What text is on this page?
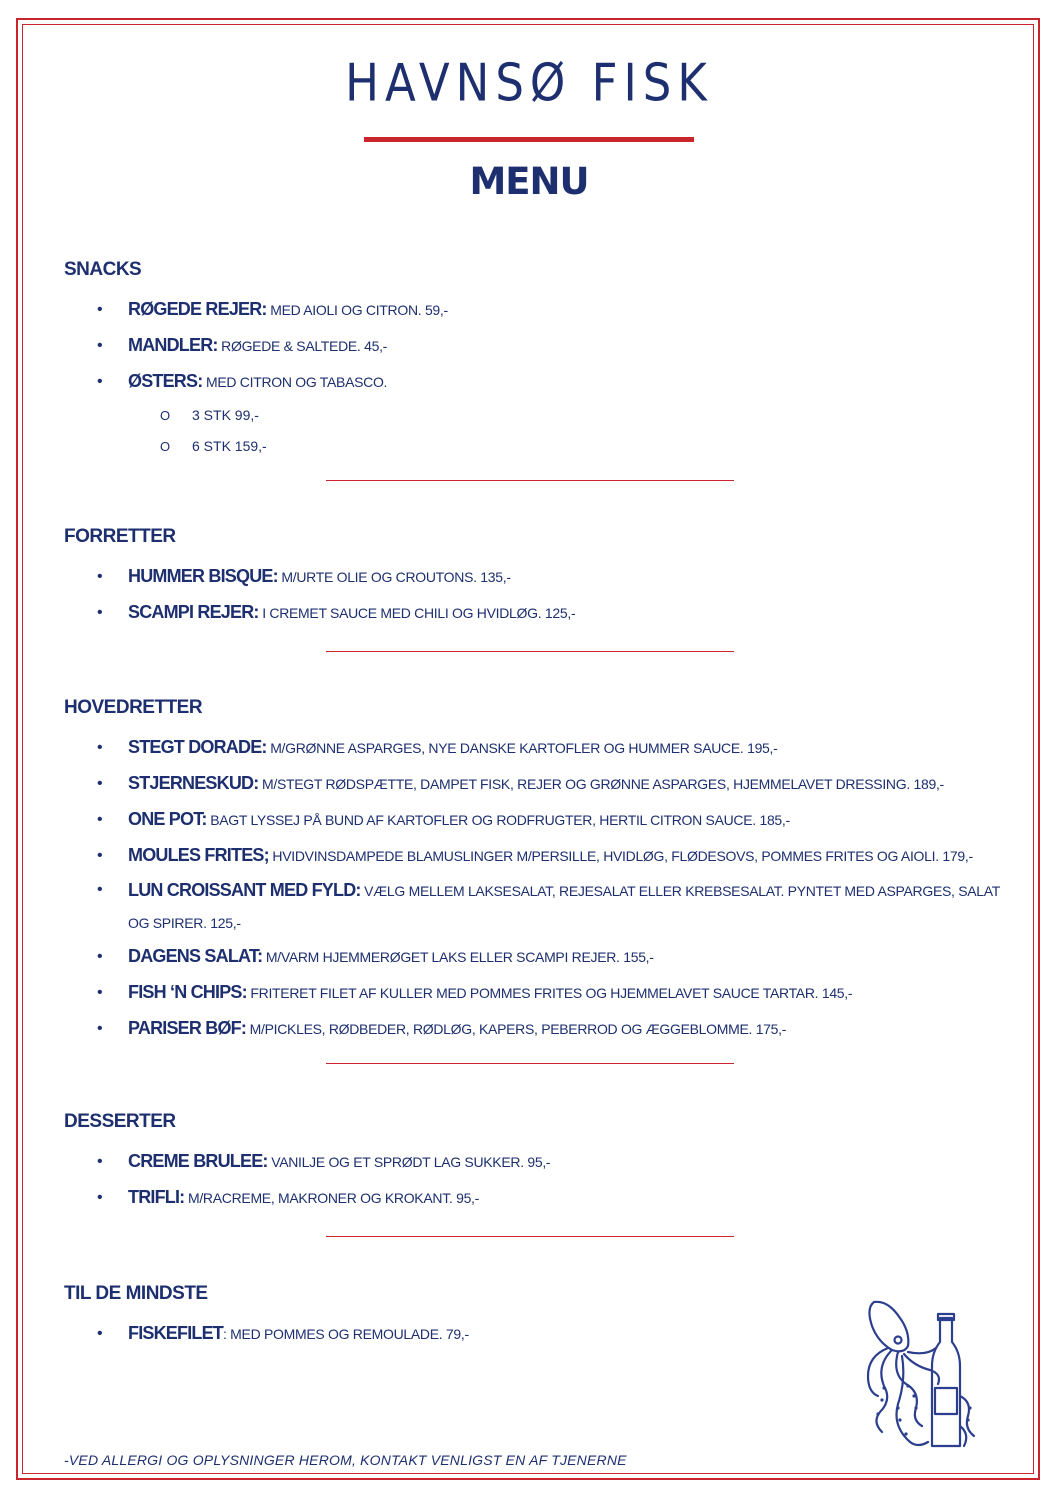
HAVNSØ FISK
MENU
SNACKS
• RØGEDE REJER: MED AIOLI OG CITRON. 59,-
• MANDLER: RØGEDE & SALTEDE. 45,-
• ØSTERS: MED CITRON OG TABASCO.
O 3 STK 99,-
O 6 STK 159,-
FORRETTER
• HUMMER BISQUE: M/URTE OLIE OG CROUTONS. 135,-
• SCAMPI REJER: I CREMET SAUCE MED CHILI OG HVIDLØG. 125,-
HOVEDRETTER
• STEGT DORADE: M/GRØNNE ASPARGES, NYE DANSKE KARTOFLER OG HUMMER SAUCE. 195,-
• STJERNESKUD: M/STEGT RØDSPÆTTE, DAMPET FISK, REJER OG GRØNNE ASPARGES, HJEMMELAVET DRESSING. 189,-
• ONE POT: BAGT LYSSEJ PÅ BUND AF KARTOFLER OG RODFRUGTER, HERTIL CITRON SAUCE. 185,-
• MOULES FRITES; HVIDVINSDAMPEDE BLAMUSLINGER M/PERSILLE, HVIDLØG, FLØDESOVS, POMMES FRITES OG AIOLI. 179,-
• LUN CROISSANT MED FYLD: VÆLG MELLEM LAKSESALAT, REJESALAT ELLER KREBSESALAT. PYNTET MED ASPARGES, SALAT OG SPIRER. 125,-
• DAGENS SALAT: M/VARM HJEMMERØGET LAKS ELLER SCAMPI REJER. 155,-
• FISH ‘N CHIPS: FRITERET FILET AF KULLER MED POMMES FRITES OG HJEMMELAVET SAUCE TARTAR. 145,-
• PARISER BØF: M/PICKLES, RØDBEDER, RØDLØG, KAPERS, PEBERROD OG ÆGGEBLOMME. 175,-
DESSERTER
• CREME BRULEE: VANILJE OG ET SPRØDT LAG SUKKER. 95,-
• TRIFLI: M/RACREME, MAKRONER OG KROKANT. 95,-
TIL DE MINDSTE
• FISKEFILET: MED POMMES OG REMOULADE. 79,-
-VED ALLERGI OG OPLYSNINGER HEROM, KONTAKT VENLIGST EN AF TJENERNE
